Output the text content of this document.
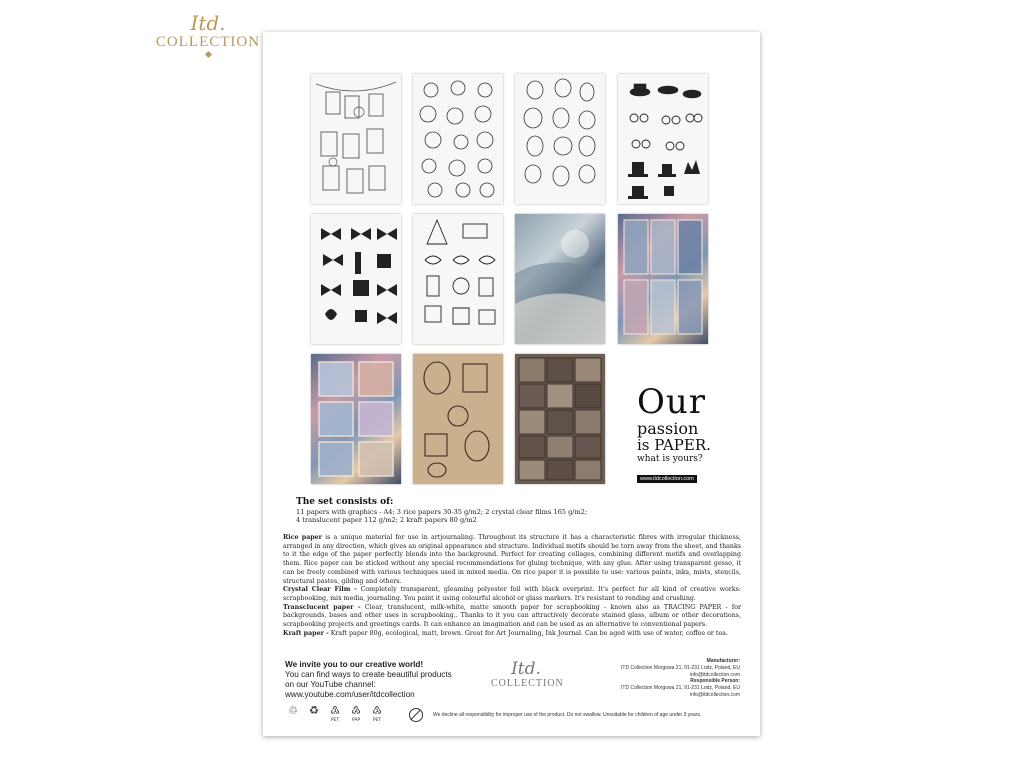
Itd.
COLLECTION
Our
passion
is PAPER.
what is yours?
www.itdcollection.com
The set consists of:
11 papers with graphics - A4; 3 rice papers 30-35 g/m2; 2 crystal clear films 165 g/m2;
4 translucent paper 112 g/m2; 2 kraft papers 80 g/m2
Rice paper is a unique material for use in artjournaling. Throughout its structure it has a characteristic fibres with irregular thickness, arranged in any direction, which gives an original appearance and structure. Individual motifs should be torn away from the sheet, and thanks to it the edge of the paper perfectly blends into the background. Perfect for creating collages, combining different motifs and overlapping them. Rice paper can be sticked without any special recommendations for gluing technique, with any glue. After using transparent gesso, it can be freely combined with various techniques used in mixed media. On rice paper it is possible to use: various paints, inks, mists, stencils, structural pastes, gilding and others.
Crystal Clear Film - Completely transparent, gleaming polyester foil with black overprint. It's perfect for all kind of creative works: scrapbooking, mix media, journaling. You paint it using colourful alcohol or glass markers. It's resistant to rending and crushing.
Transclucent paper - Clear, translucent, milk-white, matte smooth paper for scrapbooking - known also as TRACING PAPER - for backgrounds, bases and other uses in scrapbooking.. Thanks to it you can attractively decorate stained glass, album or other decorations, scrapbooking projects and greetings cards. It can enhance an imagination and can be used as an alternative to conventional papers.
Kraft paper - Kraft paper 80g, ecological, matt, brown. Great for Art Journaling, Ink Journal. Can be aged with use of water, coffee or tea.
We invite you to our creative world!
You can find ways to create beautiful products
on our YouTube channel:
www.youtube.com/user/itdcollection
♲ ♻ ♳
PET
♴
PAP
♳
PET
Itd.
COLLECTION
Manufacturer:
ITD Collection Morgowa 21, 91-231 Lodz, Poland, EU
info@itdcollection.com
Responsible Person:
ITD Collection Morgowa 21, 91-231 Lodz, Poland, EU
info@itdcollection.com
We decline all responsibility for improper use of the product. Do not swallow. Unsuitable for children of age under 3 years.
